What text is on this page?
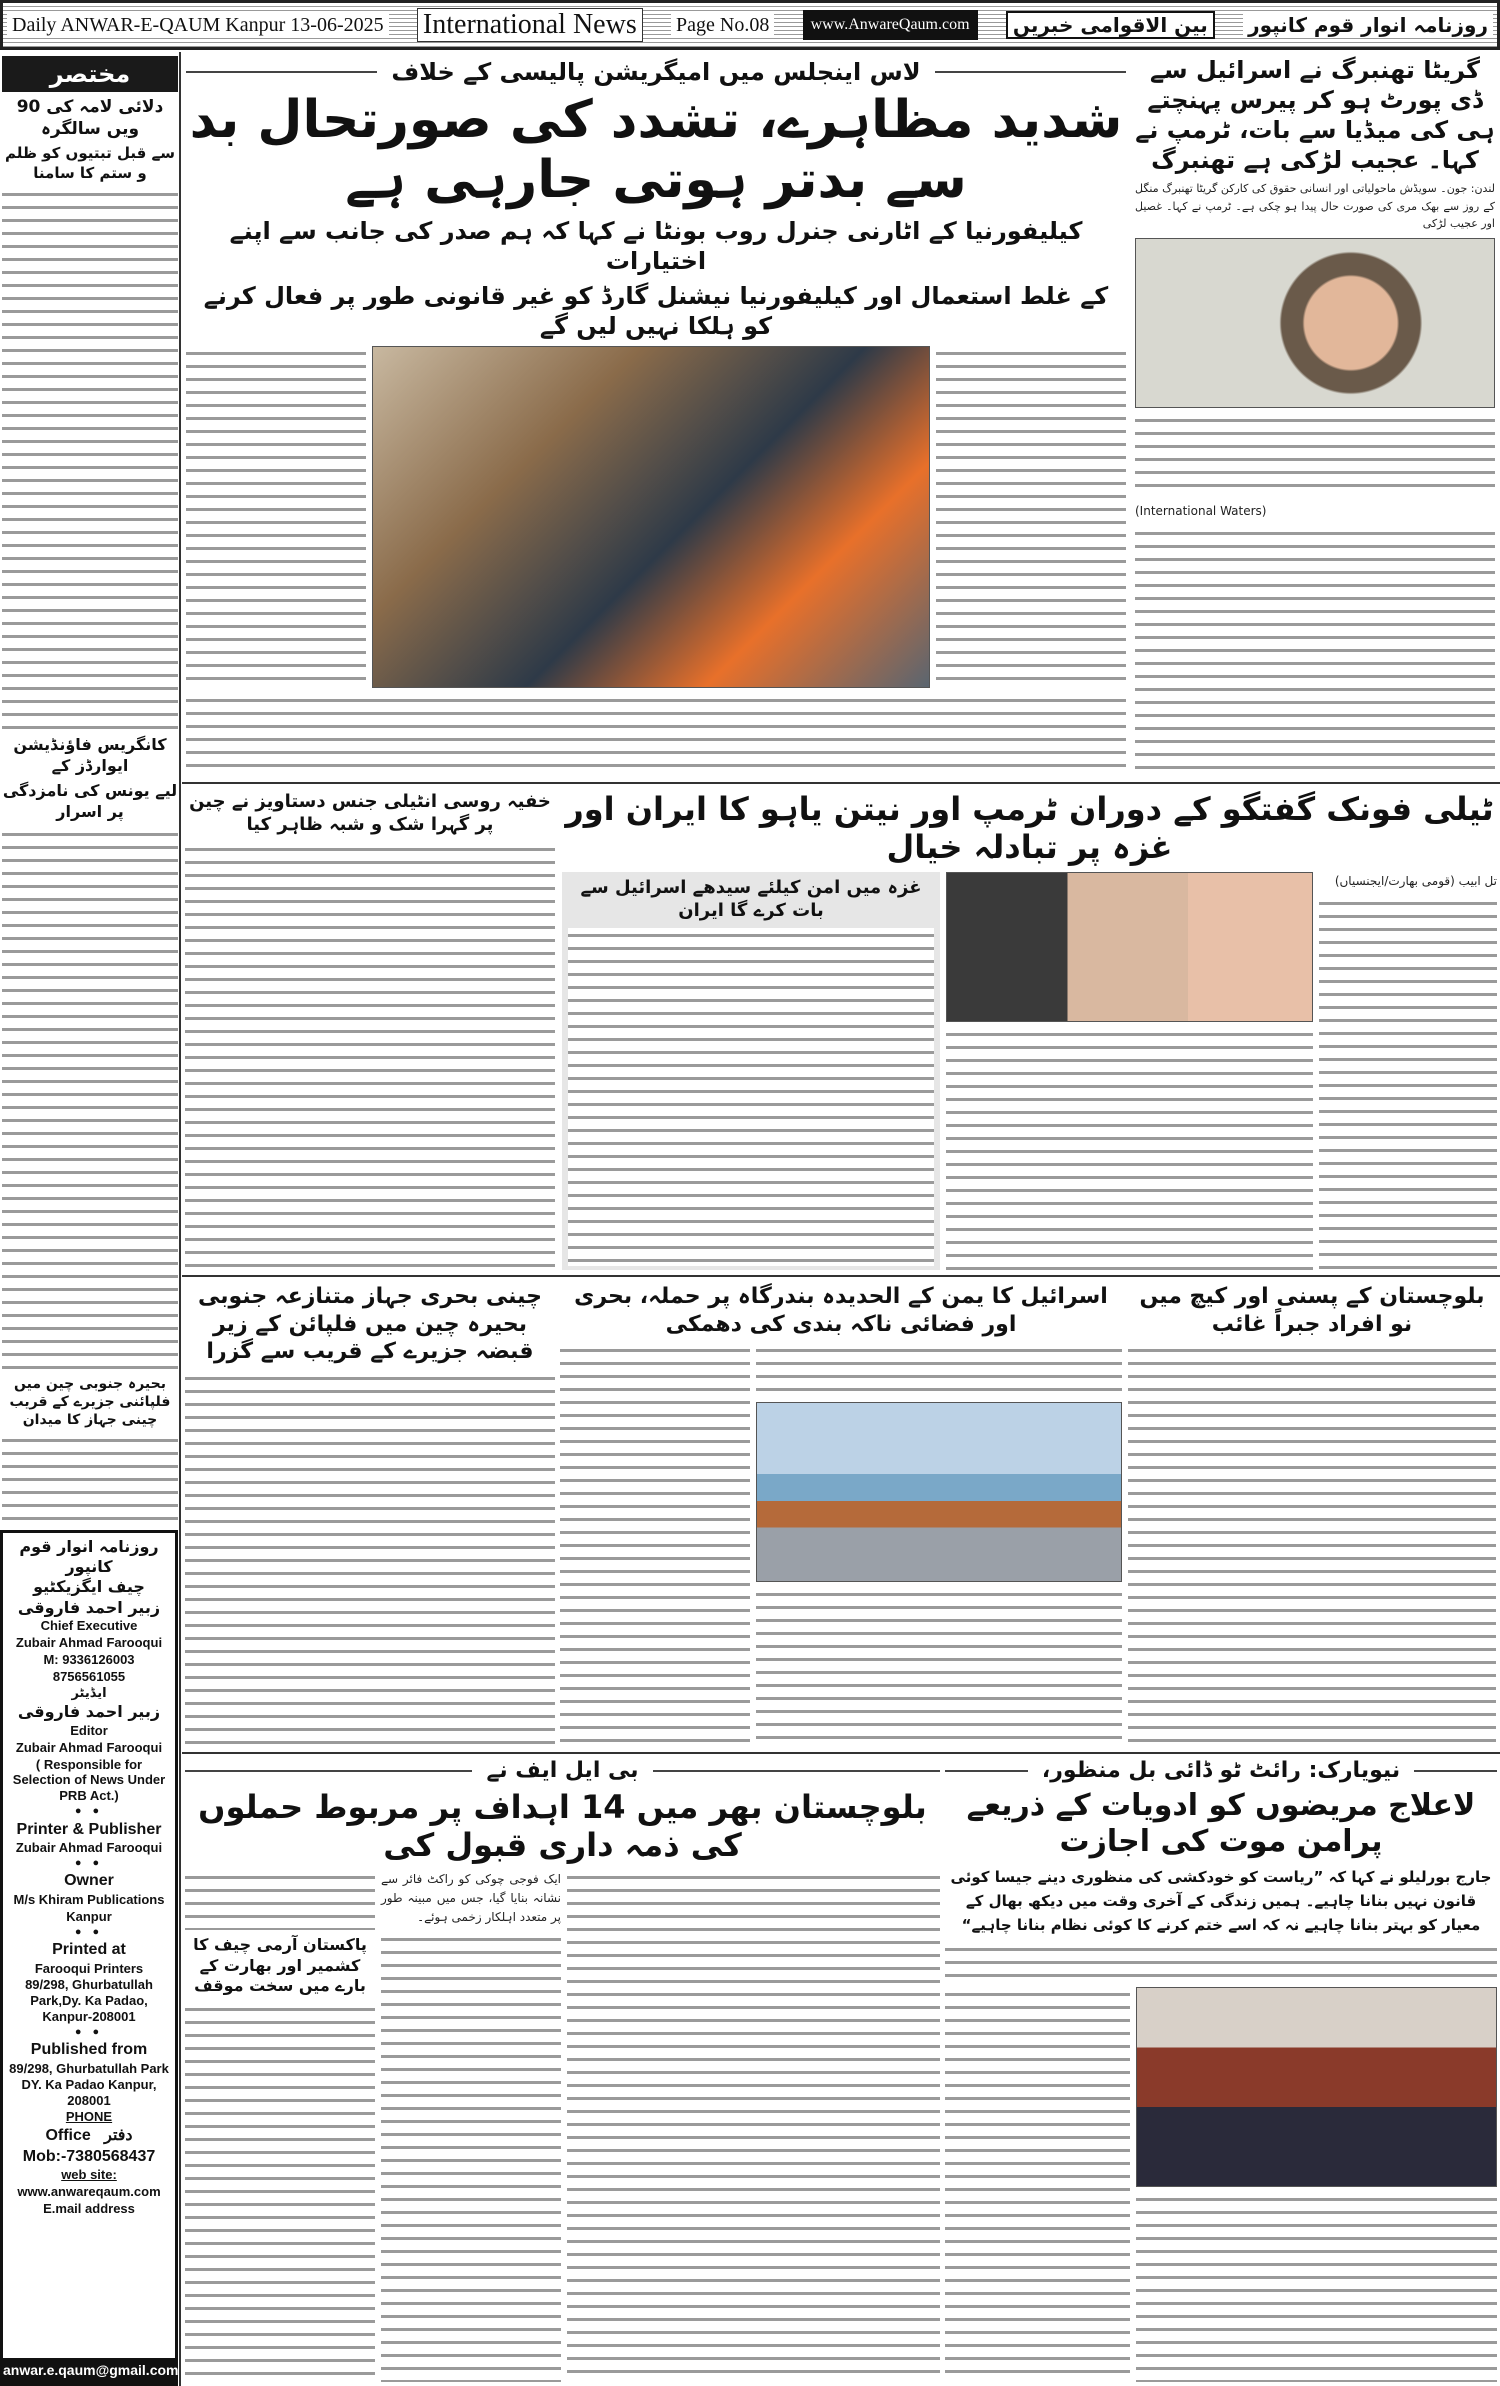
Daily ANWAR-E-QAUM Kanpur 13-06-2025 International News	Page No.08	www.AnwareQaum.com	بین الاقوامی خبریں	روزنامہ انوار قوم کانپور
مختصر
دلائی لامہ کی 90 ویں سالگرہ
سے قبل تبتیوں کو ظلم و ستم کا سامنا
کانگریس فاؤنڈیشن ایوارڈز کے
لیے یونس کی نامزدگی پر اسرار
بحیرہ جنوبی چین میں فلپائنی جزیرے کے قریب چینی جہاز کا میدان
روزنامہ انوار قوم کانپور
چیف ایگزیکٹیو
زبیر احمد فاروقی
Chief Executive
Zubair Ahmad Farooqui
M: 9336126003
8756561055
ایڈیٹر
زبیر احمد فاروقی
Editor
Zubair Ahmad Farooqui
( Responsible for Selection of News Under PRB Act.)
● ●
Printer & Publisher
Zubair Ahmad Farooqui
● ●
Owner
M/s Khiram Publications
Kanpur
● ●
Printed at
Farooqui Printers
89/298, Ghurbatullah Park,Dy. Ka Padao, Kanpur-208001
● ●
Published from
89/298, Ghurbatullah Park DY. Ka Padao Kanpur, 208001
PHONE
Office دفتر
Mob:-7380568437
web site:
www.anwareqaum.com
E.mail address
anwar.e.qaum@gmail.com
لاس اینجلس میں امیگریشن پالیسی کے خلاف
شدید مظاہرے، تشدد کی صورتحال بد سے بدتر ہوتی جارہی ہے
کیلیفورنیا کے اٹارنی جنرل روب بونٹا نے کہا کہ ہم صدر کی جانب سے اپنے اختیارات
کے غلط استعمال اور کیلیفورنیا نیشنل گارڈ کو غیر قانونی طور پر فعال کرنے کو ہلکا نہیں لیں گے
گریٹا تھنبرگ نے اسرائیل سے ڈی پورٹ ہو کر پیرس پہنچتے ہی کی میڈیا سے بات، ٹرمپ نے کہا۔ عجیب لڑکی ہے تھنبرگ
لندن: جون۔ سویڈش ماحولیاتی اور انسانی حقوق کی کارکن گریٹا تھنبرگ منگل کے روز سے بھک مری کی صورت حال پیدا ہو چکی ہے۔ ٹرمپ نے کہا۔ غصیل اور عجیب لڑکی
(International Waters)
خفیہ روسی انٹیلی جنس دستاویز نے چین پر گہرا شک و شبہ ظاہر کیا	ٹیلی فونک گفتگو کے دوران ٹرمپ اور نیتن یاہو کا ایران اور غزہ پر تبادلہ خیال
غزہ میں امن کیلئے سیدھے اسرائیل سے بات کرے گا ایران
تل ابیب (قومی بھارت/ایجنسیاں)
بلوچستان کے پسنی اور کیچ میں نو افراد جبراً غائب
اسرائیل کا یمن کے الحدیدہ بندرگاہ پر حملہ، بحری اور فضائی ناکہ بندی کی دھمکی
چینی بحری جہاز متنازعہ جنوبی بحیرہ چین میں فلپائن کے زیر قبضہ جزیرے کے قریب سے گزرا
نیویارک: رائٹ ٹو ڈائی بل منظور،
لاعلاج مریضوں کو ادویات کے ذریعے پرامن موت کی اجازت
جارج بورلیلو نے کہا کہ ”ریاست کو خودکشی کی منظوری دینے جیسا کوئی قانون نہیں بنانا چاہیے۔ ہمیں زندگی کے آخری وقت میں دیکھ بھال کے معیار کو بہتر بنانا چاہیے نہ کہ اسے ختم کرنے کا کوئی نظام بنانا چاہیے“
بی ایل ایف نے
بلوچستان بھر میں 14 اہداف پر مربوط حملوں کی ذمہ داری قبول کی
پاکستان آرمی چیف کا کشمیر اور بھارت کے بارے میں سخت موقف
ایک فوجی چوکی کو راکٹ فائر سے نشانہ بنایا گیا، جس میں مبینہ طور پر متعدد اہلکار زخمی ہوئے۔
